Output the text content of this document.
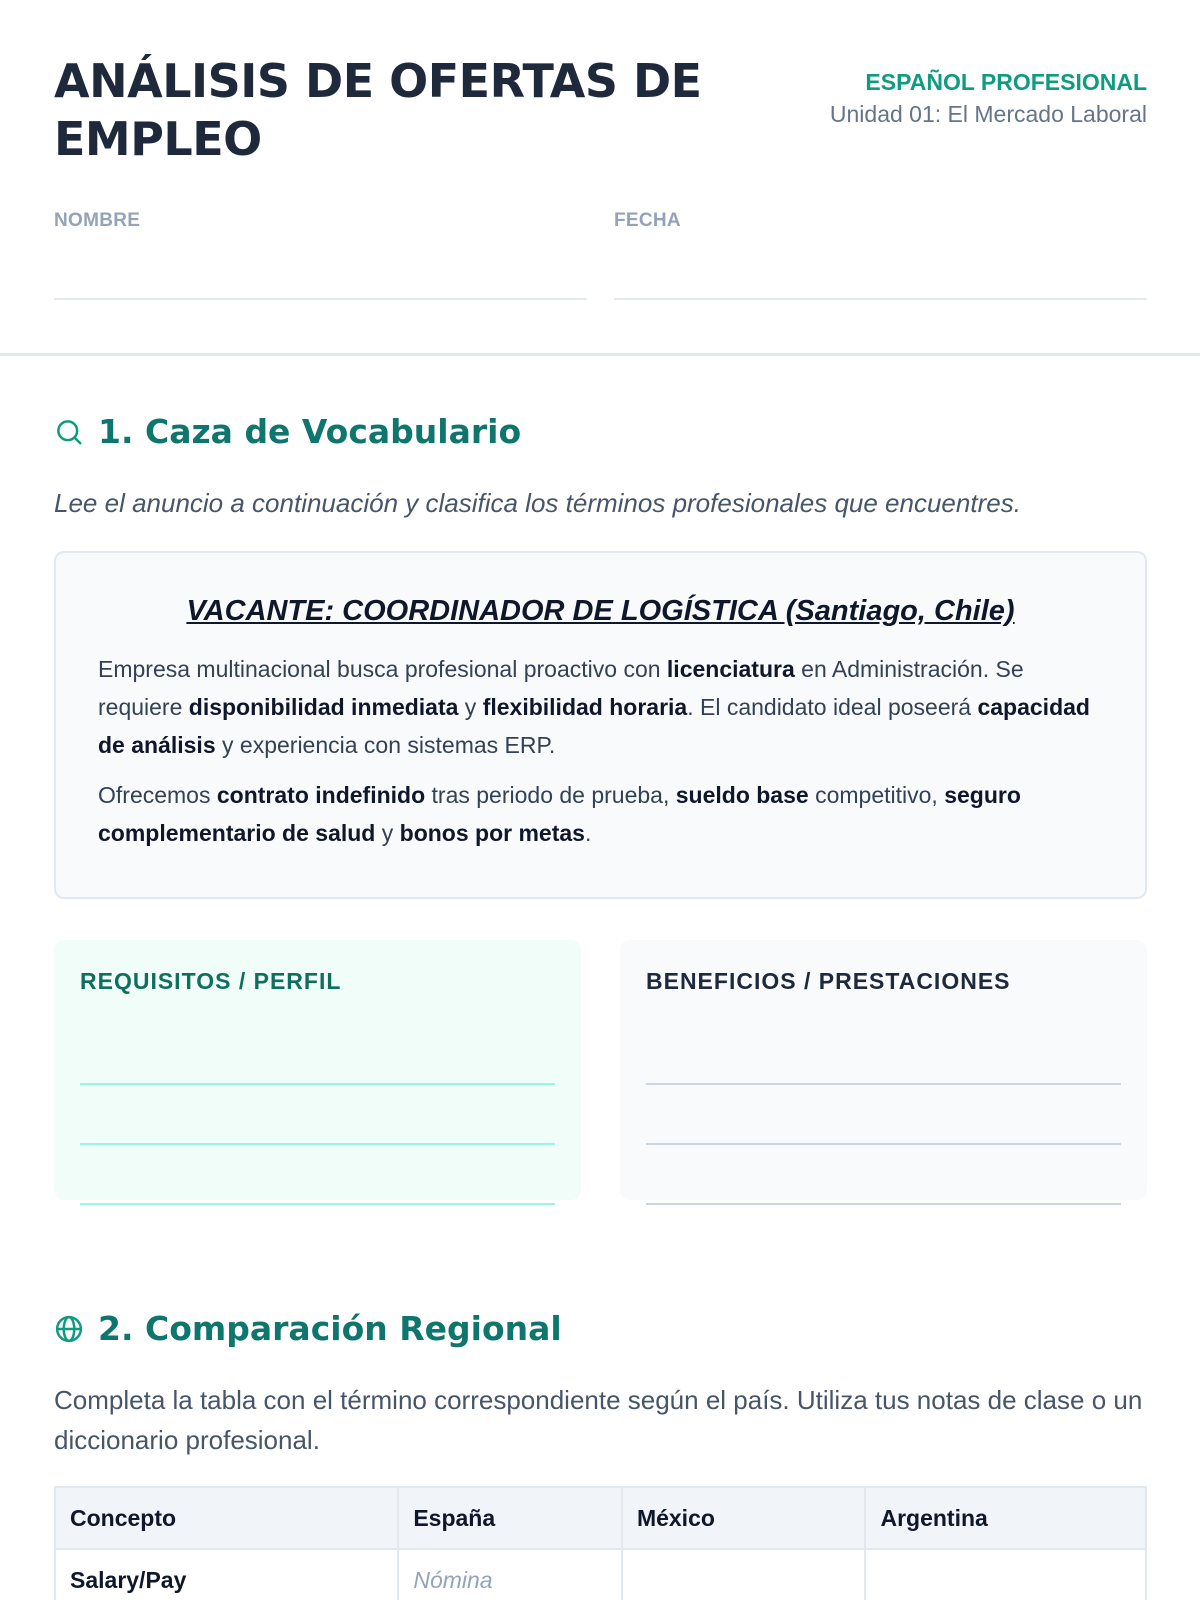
ANÁLISIS DE OFERTAS DE EMPLEO
ESPAÑOL PROFESIONAL
Unidad 01: El Mercado Laboral
NOMBRE	FECHA
1. Caza de Vocabulario
Lee el anuncio a continuación y clasifica los términos profesionales que encuentres.
VACANTE: COORDINADOR DE LOGÍSTICA (Santiago, Chile)

Empresa multinacional busca profesional proactivo con licenciatura en Administración. Se requiere disponibilidad inmediata y flexibilidad horaria. El candidato ideal poseerá capacidad de análisis y experiencia con sistemas ERP.

Ofrecemos contrato indefinido tras periodo de prueba, sueldo base competitivo, seguro complementario de salud y bonos por metas.

REQUISITOS / PERFIL	BENEFICIOS / PRESTACIONES
2. Comparación Regional
Completa la tabla con el término correspondiente según el país. Utiliza tus notas de clase o un diccionario profesional.
Concepto	España	México	Argentina
Salary/Pay	Nómina		
